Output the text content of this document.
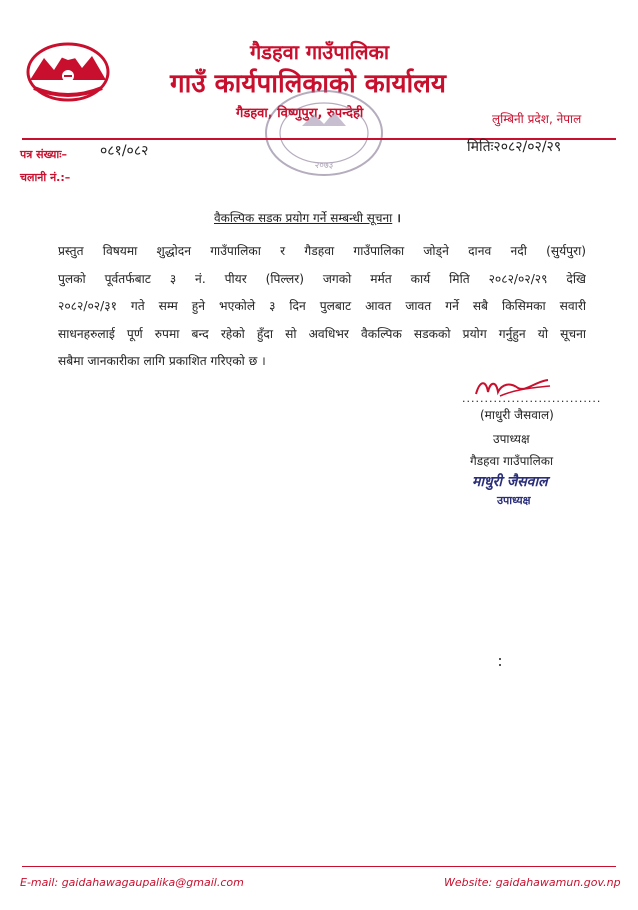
गैडहवा गाउँपालिका
गाउँ कार्यपालिकाको कार्यालय
गैडहवा, विष्णुपुरा, रुपन्देही	लुम्बिनी प्रदेश, नेपाल
२०७३
पत्र संख्याः– ०८१/०८२	मितिः२०८२/०२/२९
चलानी नं.:–
वैकल्पिक सडक प्रयोग गर्ने सम्बन्धी सूचना ।
प्रस्तुत विषयमा शुद्धोदन गाउँपालिका र गैडहवा गाउँपालिका जोड्ने दानव नदी (सुर्यपुरा)
पुलको पूर्वतर्फबाट ३ नं. पीयर (पिल्लर) जगको मर्मत कार्य मिति २०८२/०२/२९ देखि
२०८२/०२/३१ गते सम्म हुने भएकोले ३ दिन पुलबाट आवत जावत गर्ने सबै किसिमका सवारी
साधनहरुलाई पूर्ण रुपमा बन्द रहेको हुँदा सो अवधिभर वैकल्पिक सडकको प्रयोग गर्नुहुन यो सूचना
सबैमा जानकारीका लागि प्रकाशित गरिएको छ ।
...............................
(माधुरी जैसवाल)
उपाध्यक्ष
गैडहवा गाउँपालिका
माधुरी जैसवाल
उपाध्यक्ष
E-mail: gaidahawagaupalika@gmail.com	Website: gaidahawamun.gov.np
